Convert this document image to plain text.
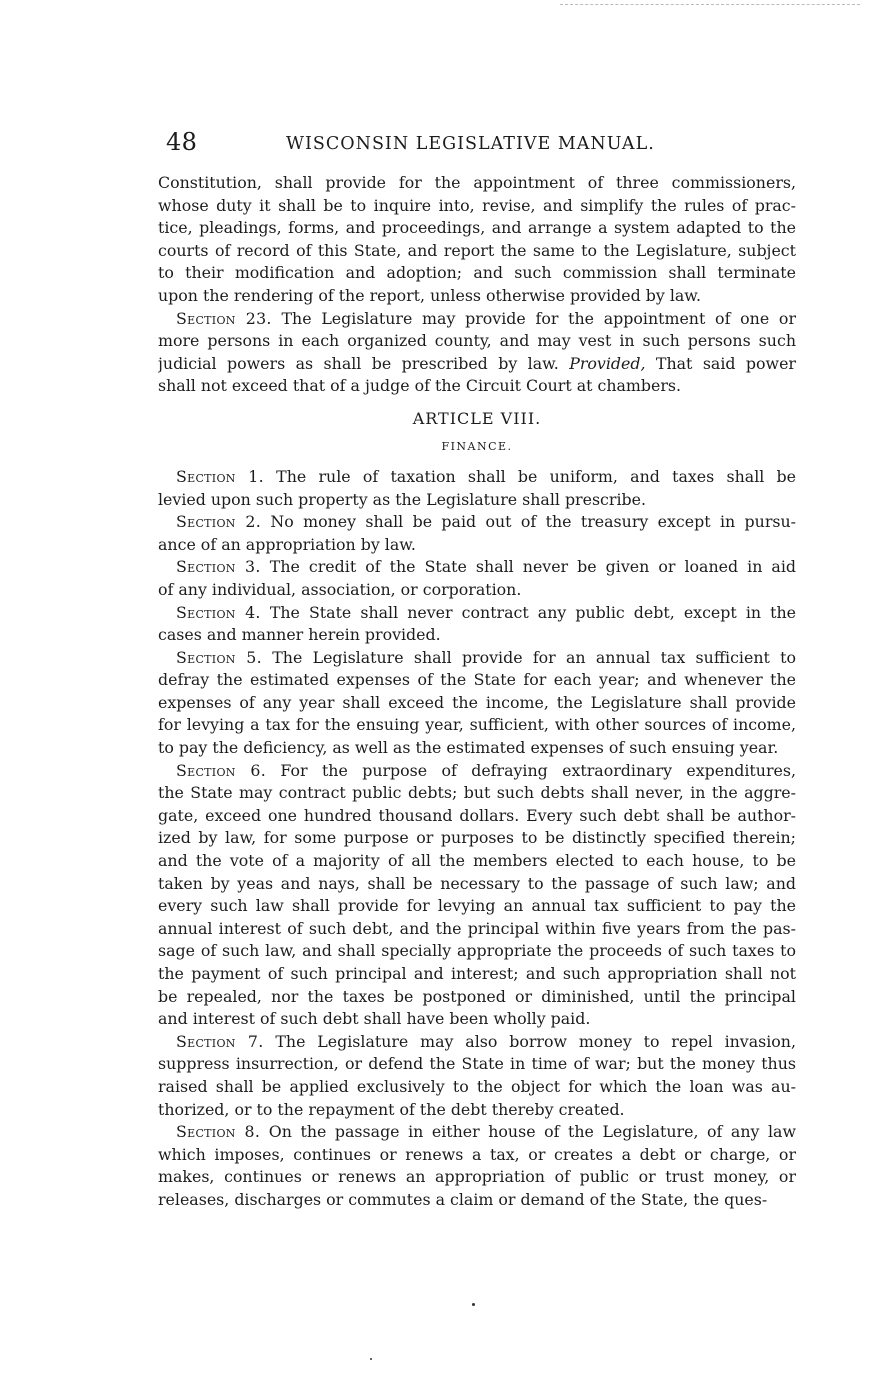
48	WISCONSIN LEGISLATIVE MANUAL.
Constitution, shall provide for the appointment of three commissioners,
whose duty it shall be to inquire into, revise, and simplify the rules of prac-
tice, pleadings, forms, and proceedings, and arrange a system adapted to the
courts of record of this State, and report the same to the Legislature, subject
to their modification and adoption; and such commission shall terminate
upon the rendering of the report, unless otherwise provided by law.
Section 23. The Legislature may provide for the appointment of one or
more persons in each organized county, and may vest in such persons such
judicial powers as shall be prescribed by law. Provided, That said power
shall not exceed that of a judge of the Circuit Court at chambers.
ARTICLE VIII.
FINANCE.
Section 1. The rule of taxation shall be uniform, and taxes shall be
levied upon such property as the Legislature shall prescribe.
Section 2. No money shall be paid out of the treasury except in pursu-
ance of an appropriation by law.
Section 3. The credit of the State shall never be given or loaned in aid
of any individual, association, or corporation.
Section 4. The State shall never contract any public debt, except in the
cases and manner herein provided.
Section 5. The Legislature shall provide for an annual tax sufficient to
defray the estimated expenses of the State for each year; and whenever the
expenses of any year shall exceed the income, the Legislature shall provide
for levying a tax for the ensuing year, sufficient, with other sources of income,
to pay the deficiency, as well as the estimated expenses of such ensuing year.
Section 6. For the purpose of defraying extraordinary expenditures,
the State may contract public debts; but such debts shall never, in the aggre-
gate, exceed one hundred thousand dollars. Every such debt shall be author-
ized by law, for some purpose or purposes to be distinctly specified therein;
and the vote of a majority of all the members elected to each house, to be
taken by yeas and nays, shall be necessary to the passage of such law; and
every such law shall provide for levying an annual tax sufficient to pay the
annual interest of such debt, and the principal within five years from the pas-
sage of such law, and shall specially appropriate the proceeds of such taxes to
the payment of such principal and interest; and such appropriation shall not
be repealed, nor the taxes be postponed or diminished, until the principal
and interest of such debt shall have been wholly paid.
Section 7. The Legislature may also borrow money to repel invasion,
suppress insurrection, or defend the State in time of war; but the money thus
raised shall be applied exclusively to the object for which the loan was au-
thorized, or to the repayment of the debt thereby created.
Section 8. On the passage in either house of the Legislature, of any law
which imposes, continues or renews a tax, or creates a debt or charge, or
makes, continues or renews an appropriation of public or trust money, or
releases, discharges or commutes a claim or demand of the State, the ques-
